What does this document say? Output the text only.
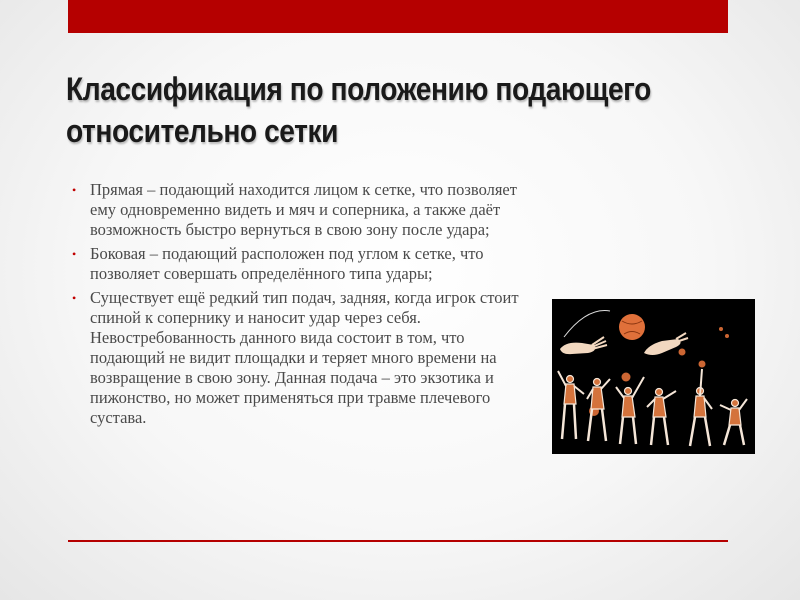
Классификация по положению подающего относительно сетки
• Прямая – подающий находится лицом к сетке, что позволяет ему одновременно видеть и мяч и соперника, а также даёт возможность быстро вернуться в свою зону после удара;
• Боковая – подающий расположен под углом к сетке, что позволяет совершать определённого типа удары;
• Существует ещё редкий тип подач, задняя, когда игрок стоит спиной к сопернику и наносит удар через себя. Невостребованность данного вида состоит в том, что подающий не видит площадки и теряет много времени на возвращение в свою зону. Данная подача – это экзотика и пижонство, но может применяться при травме плечевого сустава.
